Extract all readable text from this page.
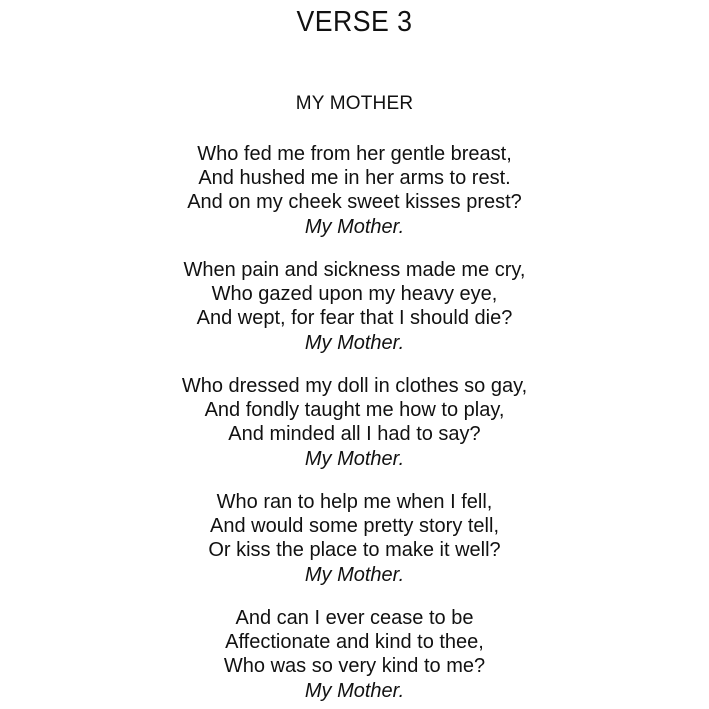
VERSE 3
MY MOTHER
Who fed me from her gentle breast,
And hushed me in her arms to rest.
And on my cheek sweet kisses prest?
My Mother.
When pain and sickness made me cry,
Who gazed upon my heavy eye,
And wept, for fear that I should die?
My Mother.
Who dressed my doll in clothes so gay,
And fondly taught me how to play,
And minded all I had to say?
My Mother.
Who ran to help me when I fell,
And would some pretty story tell,
Or kiss the place to make it well?
My Mother.
And can I ever cease to be
Affectionate and kind to thee,
Who was so very kind to me?
My Mother.
